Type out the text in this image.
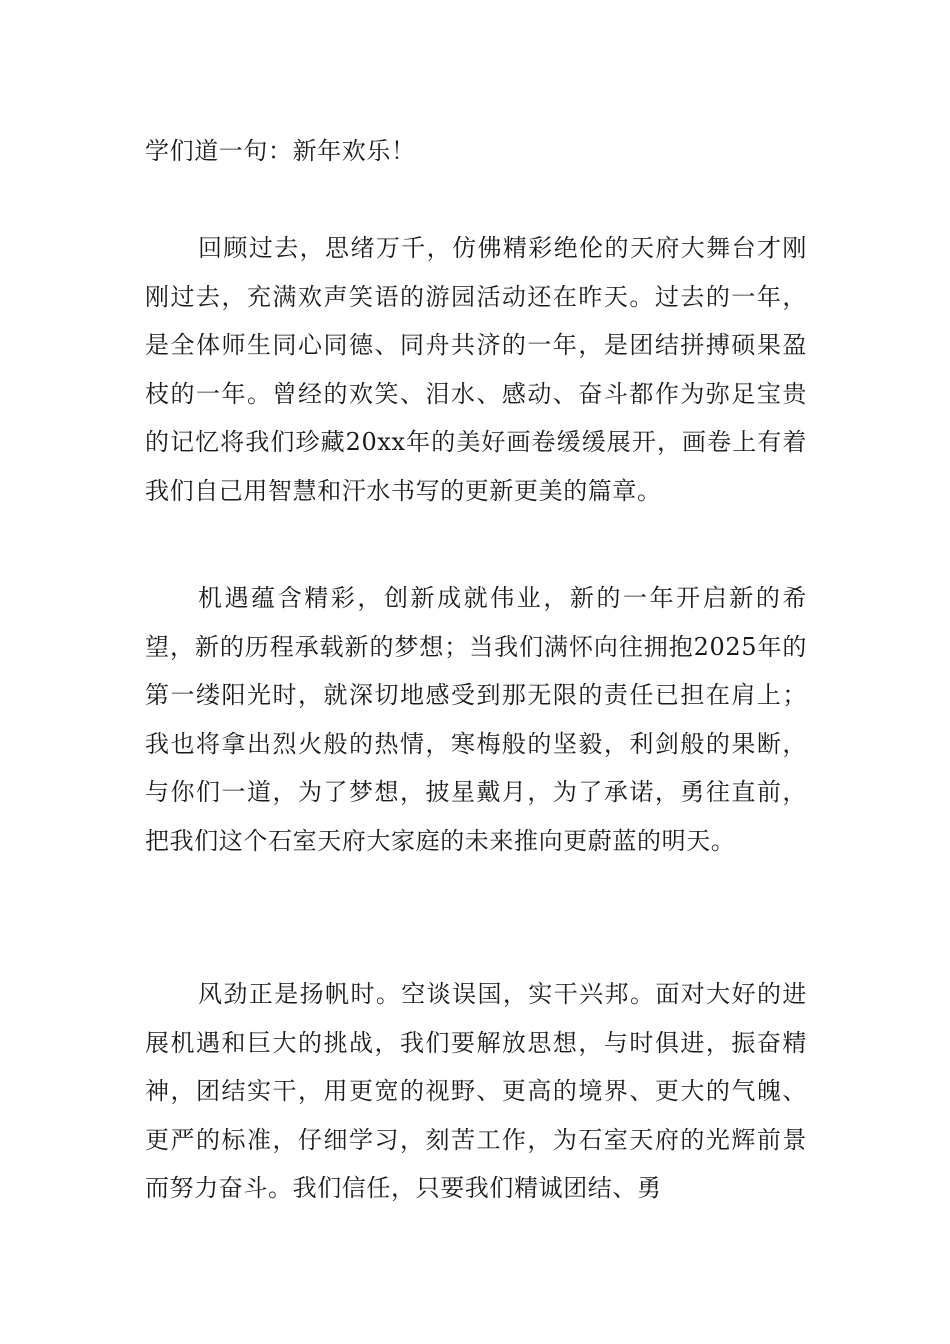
学们道一句：新年欢乐！
回顾过去，思绪万千，仿佛精彩绝伦的天府大舞台才刚刚过去，充满欢声笑语的游园活动还在昨天。过去的一年，是全体师生同心同德、同舟共济的一年，是团结拼搏硕果盈枝的一年。曾经的欢笑、泪水、感动、奋斗都作为弥足宝贵的记忆将我们珍藏20xx年的美好画卷缓缓展开，画卷上有着我们自己用智慧和汗水书写的更新更美的篇章。
机遇蕴含精彩，创新成就伟业，新的一年开启新的希望，新的历程承载新的梦想；当我们满怀向往拥抱2025年的第一缕阳光时，就深切地感受到那无限的责任已担在肩上；我也将拿出烈火般的热情，寒梅般的坚毅，利剑般的果断，与你们一道，为了梦想，披星戴月，为了承诺，勇往直前，把我们这个石室天府大家庭的未来推向更蔚蓝的明天。
风劲正是扬帆时。空谈误国，实干兴邦。面对大好的进展机遇和巨大的挑战，我们要解放思想，与时俱进，振奋精神，团结实干，用更宽的视野、更高的境界、更大的气魄、更严的标准，仔细学习，刻苦工作，为石室天府的光辉前景而努力奋斗。我们信任，只要我们精诚团结、勇
